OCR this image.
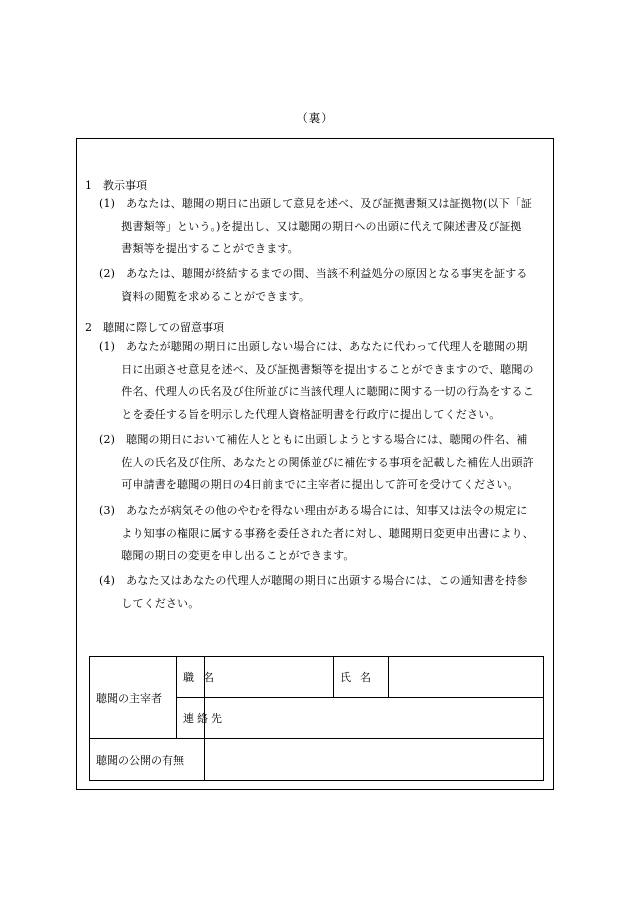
（裏）
1　教示事項
(1)　あなたは、聴聞の期日に出頭して意見を述べ、及び証拠書類又は証拠物(以下「証
　　拠書類等」という。)を提出し、又は聴聞の期日への出頭に代えて陳述書及び証拠
　　書類等を提出することができます。
(2)　あなたは、聴聞が終結するまでの間、当該不利益処分の原因となる事実を証する
　　資料の閲覧を求めることができます。
2　聴聞に際しての留意事項
(1)　あなたが聴聞の期日に出頭しない場合には、あなたに代わって代理人を聴聞の期
　　日に出頭させ意見を述べ、及び証拠書類等を提出することができますので、聴聞の
　　件名、代理人の氏名及び住所並びに当該代理人に聴聞に関する一切の行為をするこ
　　とを委任する旨を明示した代理人資格証明書を行政庁に提出してください。
(2)　聴聞の期日において補佐人とともに出頭しようとする場合には、聴聞の件名、補
　　佐人の氏名及び住所、あなたとの関係並びに補佐する事項を記載した補佐人出頭許
　　可申請書を聴聞の期日の4日前までに主宰者に提出して許可を受けてください。
(3)　あなたが病気その他のやむを得ない理由がある場合には、知事又は法令の規定に
　　より知事の権限に属する事務を委任された者に対し、聴聞期日変更申出書により、
　　聴聞の期日の変更を申し出ることができます。
(4)　あなた又はあなたの代理人が聴聞の期日に出頭する場合には、この通知書を持参
　　してください。
聴聞の主宰者	職名		氏名	
	連絡先			
聴聞の公開の有無				
